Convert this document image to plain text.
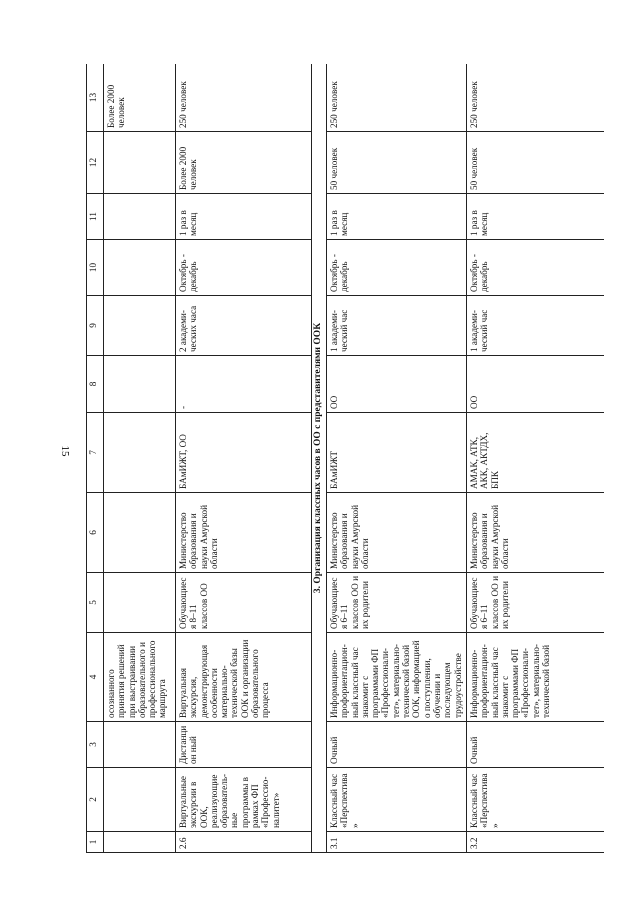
15
1	2	3	4	5	6	7	8	9	10	11	12	13
			осознанного принятия решений при выстраивании образовательного и профессионального маршрута									Более 2000 человек
2.6	Виртуальные экскурсии в ООК, реализующие образователь-ные программы в рамках ФП «Профессио-налитет»	Дистанцион ный	Виртуальная экскурсия, демонстрирующая особенности материально-технической базы ООК и организации образовательного процесса	Обучающиеся 8–11 классов ОО	Министерство образования и науки Амурской области	БАмИЖТ, ОО	-	2 академи-ческих часа	Октябрь - декабрь	1 раз в месяц	Более 2000 человек	250 человек
3. Организация классных часов в ОО с представителями ООК												
3.1	Классный час «Перспектива»	Очный	Информационно-профориентацион-ный классный час знакомит с программами ФП «Профессионали-тет», материально-технической базой ООК, информацией о поступлении, обучении и последующем трудоустройстве	Обучающиеся 6–11 классов ОО и их родители	Министерство образования и науки Амурской области	БАмИЖТ	ОО	1 академи-ческий час	Октябрь - декабрь	1 раз в месяц	50 человек	250 человек
3.2	Классный час «Перспектива»	Очный	Информационно-профориентацион-ный классный час знакомит с программами ФП «Профессионали-тет», материально-технической базой	Обучающиеся 6–11 классов ОО и их родители	Министерство образования и науки Амурской области	АМАК, АТК, АКК, АКТДХ, БПК	ОО	1 академи-ческий час	Октябрь - декабрь	1 раз в месяц	50 человек	250 человек
